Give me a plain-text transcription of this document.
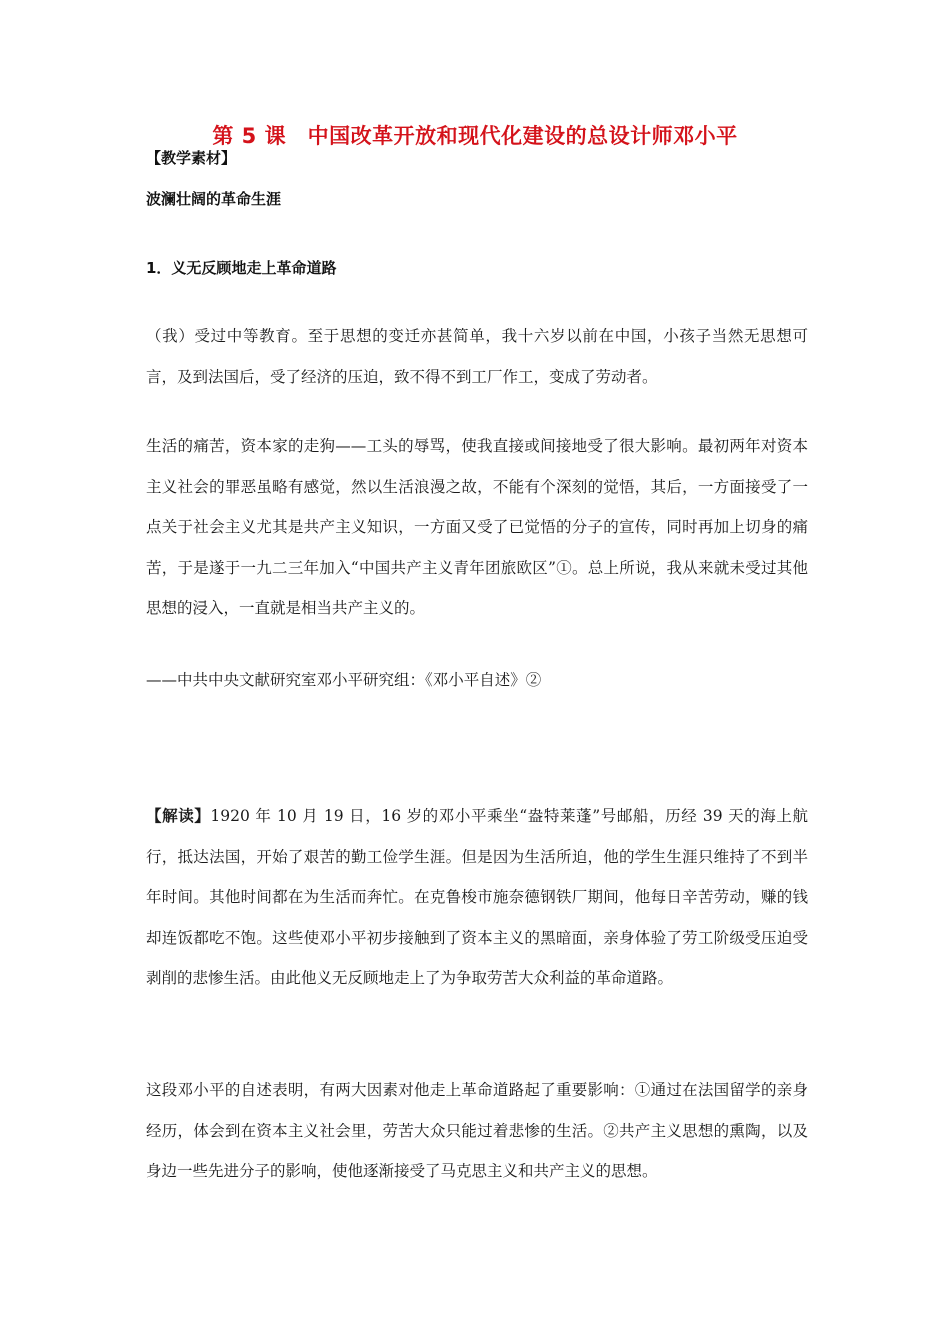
第 5 课　中国改革开放和现代化建设的总设计师邓小平
【教学素材】
波澜壮阔的革命生涯
1．义无反顾地走上革命道路

（我）受过中等教育。至于思想的变迁亦甚简单，我十六岁以前在中国，小孩子当然无思想可言，及到法国后，受了经济的压迫，致不得不到工厂作工，变成了劳动者。

生活的痛苦，资本家的走狗——工头的辱骂，使我直接或间接地受了很大影响。最初两年对资本主义社会的罪恶虽略有感觉，然以生活浪漫之故，不能有个深刻的觉悟，其后，一方面接受了一点关于社会主义尤其是共产主义知识，一方面又受了已觉悟的分子的宣传，同时再加上切身的痛苦，于是遂于一九二三年加入“中国共产主义青年团旅欧区”①。总上所说，我从来就未受过其他思想的浸入，一直就是相当共产主义的。

——中共中央文献研究室邓小平研究组：《邓小平自述》②

【解读】1920 年 10 月 19 日，16 岁的邓小平乘坐“盎特莱蓬”号邮船，历经 39 天的海上航行，抵达法国，开始了艰苦的勤工俭学生涯。但是因为生活所迫，他的学生生涯只维持了不到半年时间。其他时间都在为生活而奔忙。在克鲁梭市施奈德钢铁厂期间，他每日辛苦劳动，赚的钱却连饭都吃不饱。这些使邓小平初步接触到了资本主义的黑暗面，亲身体验了劳工阶级受压迫受剥削的悲惨生活。由此他义无反顾地走上了为争取劳苦大众利益的革命道路。

这段邓小平的自述表明，有两大因素对他走上革命道路起了重要影响：①通过在法国留学的亲身经历，体会到在资本主义社会里，劳苦大众只能过着悲惨的生活。②共产主义思想的熏陶，以及身边一些先进分子的影响，使他逐渐接受了马克思主义和共产主义的思想。
